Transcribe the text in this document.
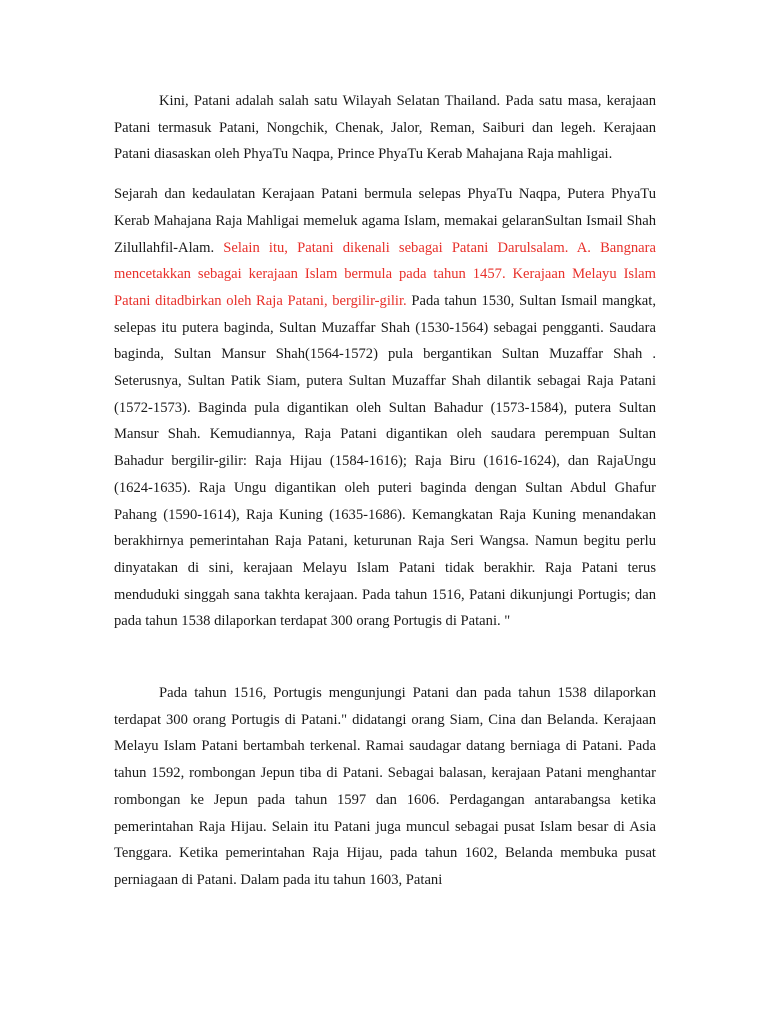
Kini, Patani adalah salah satu Wilayah Selatan Thailand. Pada satu masa, kerajaan Patani termasuk Patani, Nongchik, Chenak, Jalor, Reman, Saiburi dan legeh. Kerajaan Patani diasaskan oleh PhyaTu Naqpa, Prince PhyaTu Kerab Mahajana Raja mahligai.

Sejarah dan kedaulatan Kerajaan Patani bermula selepas PhyaTu Naqpa, Putera PhyaTu Kerab Mahajana Raja Mahligai memeluk agama Islam, memakai gelaranSultan Ismail Shah Zilullahfil-Alam. Selain itu, Patani dikenali sebagai Patani Darulsalam. A. Bangnara mencetakkan sebagai kerajaan Islam bermula pada tahun 1457. Kerajaan Melayu Islam Patani ditadbirkan oleh Raja Patani, bergilir-gilir. Pada tahun 1530, Sultan Ismail mangkat, selepas itu putera baginda, Sultan Muzaffar Shah (1530-1564) sebagai pengganti. Saudara baginda, Sultan Mansur Shah(1564-1572) pula bergantikan Sultan Muzaffar Shah . Seterusnya, Sultan Patik Siam, putera Sultan Muzaffar Shah dilantik sebagai Raja Patani (1572-1573). Baginda pula digantikan oleh Sultan Bahadur (1573-1584), putera Sultan Mansur Shah. Kemudiannya, Raja Patani digantikan oleh saudara perempuan Sultan Bahadur bergilir-gilir: Raja Hijau (1584-1616); Raja Biru (1616-1624), dan RajaUngu (1624-1635). Raja Ungu digantikan oleh puteri baginda dengan Sultan Abdul Ghafur Pahang (1590-1614), Raja Kuning (1635-1686). Kemangkatan Raja Kuning menandakan berakhirnya pemerintahan Raja Patani, keturunan Raja Seri Wangsa. Namun begitu perlu dinyatakan di sini, kerajaan Melayu Islam Patani tidak berakhir. Raja Patani terus menduduki singgah sana takhta kerajaan. Pada tahun 1516, Patani dikunjungi Portugis; dan pada tahun 1538 dilaporkan terdapat 300 orang Portugis di Patani. "

Pada tahun 1516, Portugis mengunjungi Patani dan pada tahun 1538 dilaporkan terdapat 300 orang Portugis di Patani." didatangi orang Siam, Cina dan Belanda. Kerajaan Melayu Islam Patani bertambah terkenal. Ramai saudagar datang berniaga di Patani. Pada tahun 1592, rombongan Jepun tiba di Patani. Sebagai balasan, kerajaan Patani menghantar rombongan ke Jepun pada tahun 1597 dan 1606. Perdagangan antarabangsa ketika pemerintahan Raja Hijau. Selain itu Patani juga muncul sebagai pusat Islam besar di Asia Tenggara. Ketika pemerintahan Raja Hijau, pada tahun 1602, Belanda membuka pusat perniagaan di Patani. Dalam pada itu tahun 1603, Patani
